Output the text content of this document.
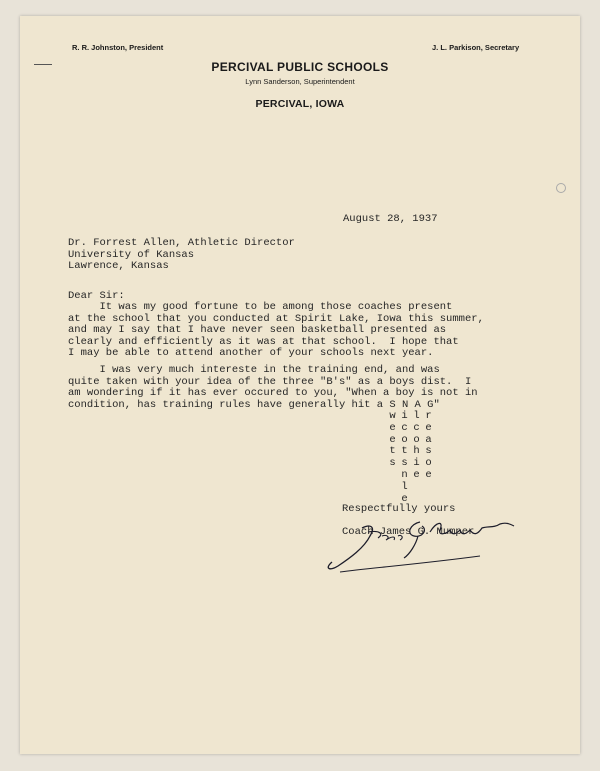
R. R. Johnston, President	J. L. Parkison, Secretary
PERCIVAL PUBLIC SCHOOLS
Lynn Sanderson, Superintendent
PERCIVAL, IOWA
August 28, 1937
Dr. Forrest Allen, Athletic Director
University of Kansas
Lawrence, Kansas
Dear Sir:
It was my good fortune to be among those coaches present
at the school that you conducted at Spirit Lake, Iowa this summer,
and may I say that I have never seen basketball presented as
clearly and efficiently as it was at that school.  I hope that
I may be able to attend another of your schools next year.
I was very much intereste in the training end, and was
quite taken with your idea of the three "B's" as a boys dist.  I
am wondering if it has ever occured to you, "When a boy is not in
condition, has training rules have generally hit a S N A G"
w
e
e
t
s
i
c
o
t
s
n
l
e
l
c
o
h
i
e
r
e
a
s
o
e
Respectfully yours
Coach James G. Mumper
